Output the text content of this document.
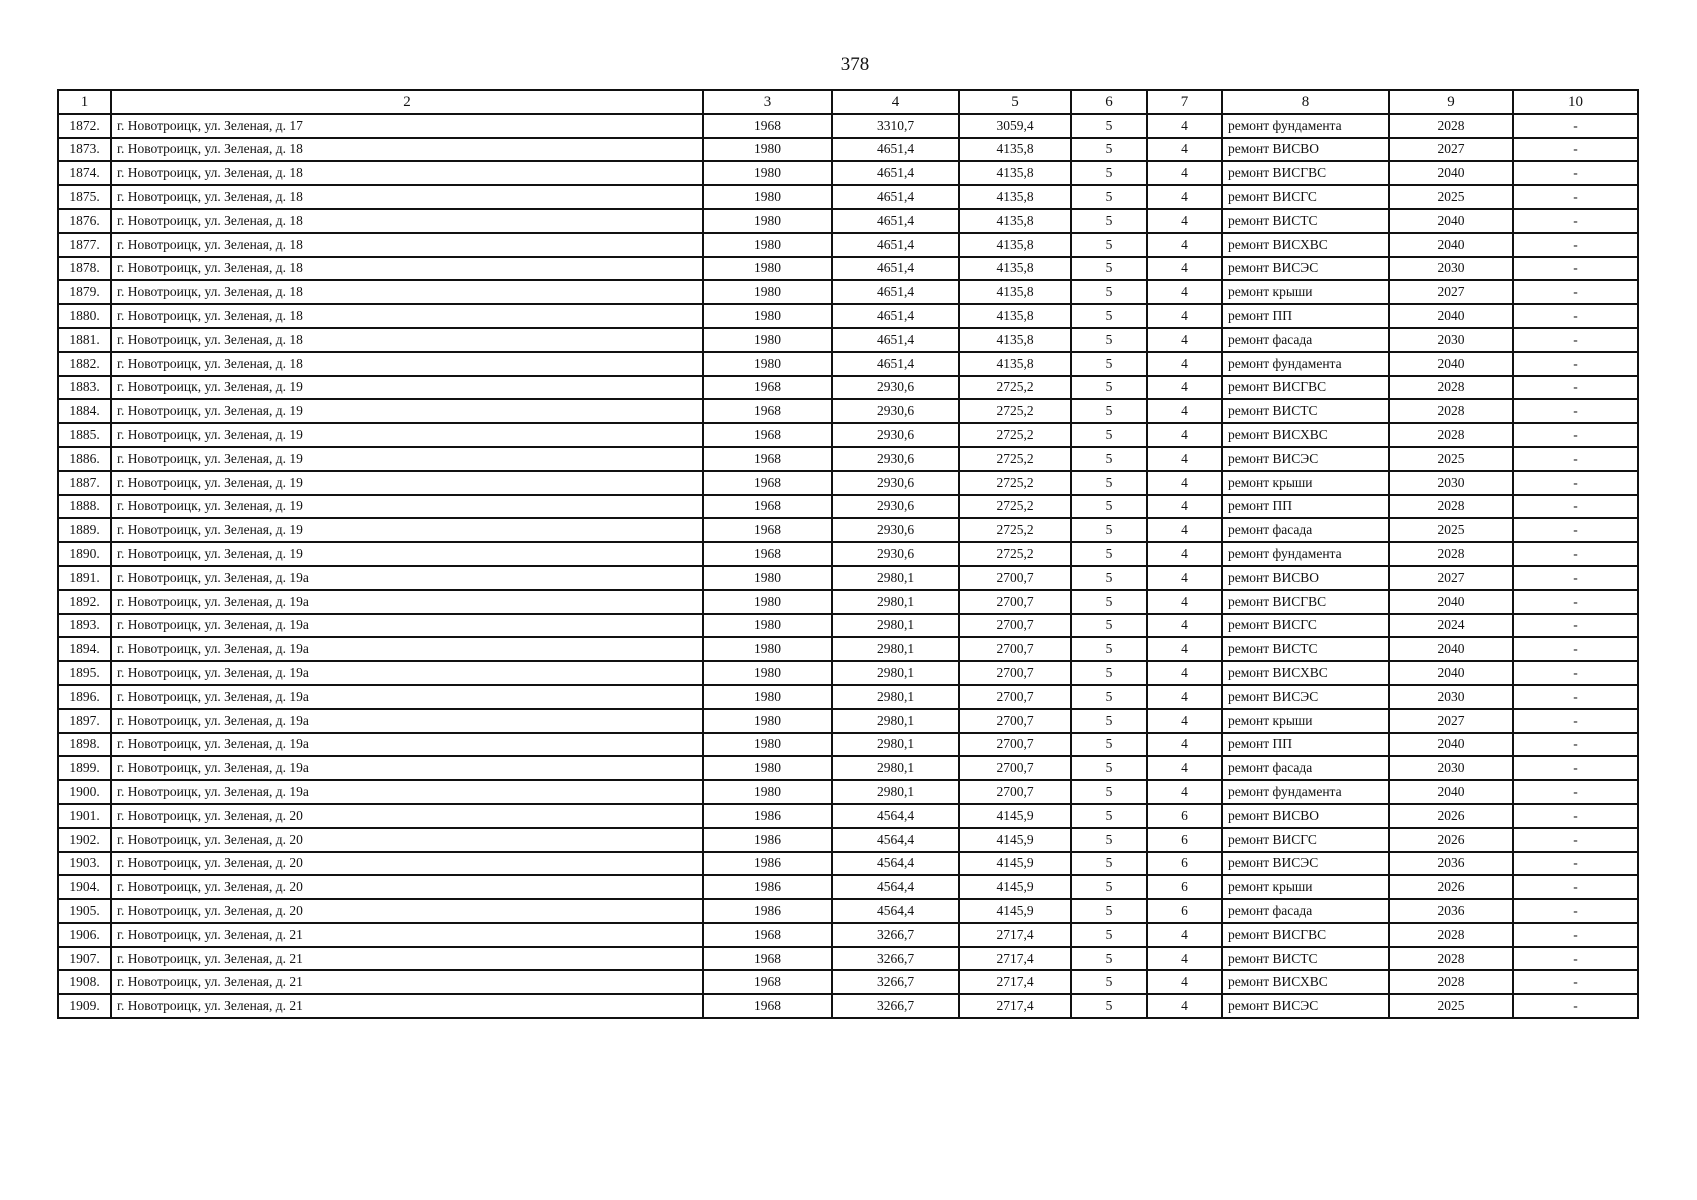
378
1	2	3	4	5	6	7	8	9	10
1872.	г. Новотроицк, ул. Зеленая, д. 17	1968	3310,7	3059,4	5	4	ремонт фундамента	2028	-
1873.	г. Новотроицк, ул. Зеленая, д. 18	1980	4651,4	4135,8	5	4	ремонт ВИСВО	2027	-
1874.	г. Новотроицк, ул. Зеленая, д. 18	1980	4651,4	4135,8	5	4	ремонт ВИСГВС	2040	-
1875.	г. Новотроицк, ул. Зеленая, д. 18	1980	4651,4	4135,8	5	4	ремонт ВИСГС	2025	-
1876.	г. Новотроицк, ул. Зеленая, д. 18	1980	4651,4	4135,8	5	4	ремонт ВИСТС	2040	-
1877.	г. Новотроицк, ул. Зеленая, д. 18	1980	4651,4	4135,8	5	4	ремонт ВИСХВС	2040	-
1878.	г. Новотроицк, ул. Зеленая, д. 18	1980	4651,4	4135,8	5	4	ремонт ВИСЭС	2030	-
1879.	г. Новотроицк, ул. Зеленая, д. 18	1980	4651,4	4135,8	5	4	ремонт крыши	2027	-
1880.	г. Новотроицк, ул. Зеленая, д. 18	1980	4651,4	4135,8	5	4	ремонт ПП	2040	-
1881.	г. Новотроицк, ул. Зеленая, д. 18	1980	4651,4	4135,8	5	4	ремонт фасада	2030	-
1882.	г. Новотроицк, ул. Зеленая, д. 18	1980	4651,4	4135,8	5	4	ремонт фундамента	2040	-
1883.	г. Новотроицк, ул. Зеленая, д. 19	1968	2930,6	2725,2	5	4	ремонт ВИСГВС	2028	-
1884.	г. Новотроицк, ул. Зеленая, д. 19	1968	2930,6	2725,2	5	4	ремонт ВИСТС	2028	-
1885.	г. Новотроицк, ул. Зеленая, д. 19	1968	2930,6	2725,2	5	4	ремонт ВИСХВС	2028	-
1886.	г. Новотроицк, ул. Зеленая, д. 19	1968	2930,6	2725,2	5	4	ремонт ВИСЭС	2025	-
1887.	г. Новотроицк, ул. Зеленая, д. 19	1968	2930,6	2725,2	5	4	ремонт крыши	2030	-
1888.	г. Новотроицк, ул. Зеленая, д. 19	1968	2930,6	2725,2	5	4	ремонт ПП	2028	-
1889.	г. Новотроицк, ул. Зеленая, д. 19	1968	2930,6	2725,2	5	4	ремонт фасада	2025	-
1890.	г. Новотроицк, ул. Зеленая, д. 19	1968	2930,6	2725,2	5	4	ремонт фундамента	2028	-
1891.	г. Новотроицк, ул. Зеленая, д. 19а	1980	2980,1	2700,7	5	4	ремонт ВИСВО	2027	-
1892.	г. Новотроицк, ул. Зеленая, д. 19а	1980	2980,1	2700,7	5	4	ремонт ВИСГВС	2040	-
1893.	г. Новотроицк, ул. Зеленая, д. 19а	1980	2980,1	2700,7	5	4	ремонт ВИСГС	2024	-
1894.	г. Новотроицк, ул. Зеленая, д. 19а	1980	2980,1	2700,7	5	4	ремонт ВИСТС	2040	-
1895.	г. Новотроицк, ул. Зеленая, д. 19а	1980	2980,1	2700,7	5	4	ремонт ВИСХВС	2040	-
1896.	г. Новотроицк, ул. Зеленая, д. 19а	1980	2980,1	2700,7	5	4	ремонт ВИСЭС	2030	-
1897.	г. Новотроицк, ул. Зеленая, д. 19а	1980	2980,1	2700,7	5	4	ремонт крыши	2027	-
1898.	г. Новотроицк, ул. Зеленая, д. 19а	1980	2980,1	2700,7	5	4	ремонт ПП	2040	-
1899.	г. Новотроицк, ул. Зеленая, д. 19а	1980	2980,1	2700,7	5	4	ремонт фасада	2030	-
1900.	г. Новотроицк, ул. Зеленая, д. 19а	1980	2980,1	2700,7	5	4	ремонт фундамента	2040	-
1901.	г. Новотроицк, ул. Зеленая, д. 20	1986	4564,4	4145,9	5	6	ремонт ВИСВО	2026	-
1902.	г. Новотроицк, ул. Зеленая, д. 20	1986	4564,4	4145,9	5	6	ремонт ВИСГС	2026	-
1903.	г. Новотроицк, ул. Зеленая, д. 20	1986	4564,4	4145,9	5	6	ремонт ВИСЭС	2036	-
1904.	г. Новотроицк, ул. Зеленая, д. 20	1986	4564,4	4145,9	5	6	ремонт крыши	2026	-
1905.	г. Новотроицк, ул. Зеленая, д. 20	1986	4564,4	4145,9	5	6	ремонт фасада	2036	-
1906.	г. Новотроицк, ул. Зеленая, д. 21	1968	3266,7	2717,4	5	4	ремонт ВИСГВС	2028	-
1907.	г. Новотроицк, ул. Зеленая, д. 21	1968	3266,7	2717,4	5	4	ремонт ВИСТС	2028	-
1908.	г. Новотроицк, ул. Зеленая, д. 21	1968	3266,7	2717,4	5	4	ремонт ВИСХВС	2028	-
1909.	г. Новотроицк, ул. Зеленая, д. 21	1968	3266,7	2717,4	5	4	ремонт ВИСЭС	2025	-
